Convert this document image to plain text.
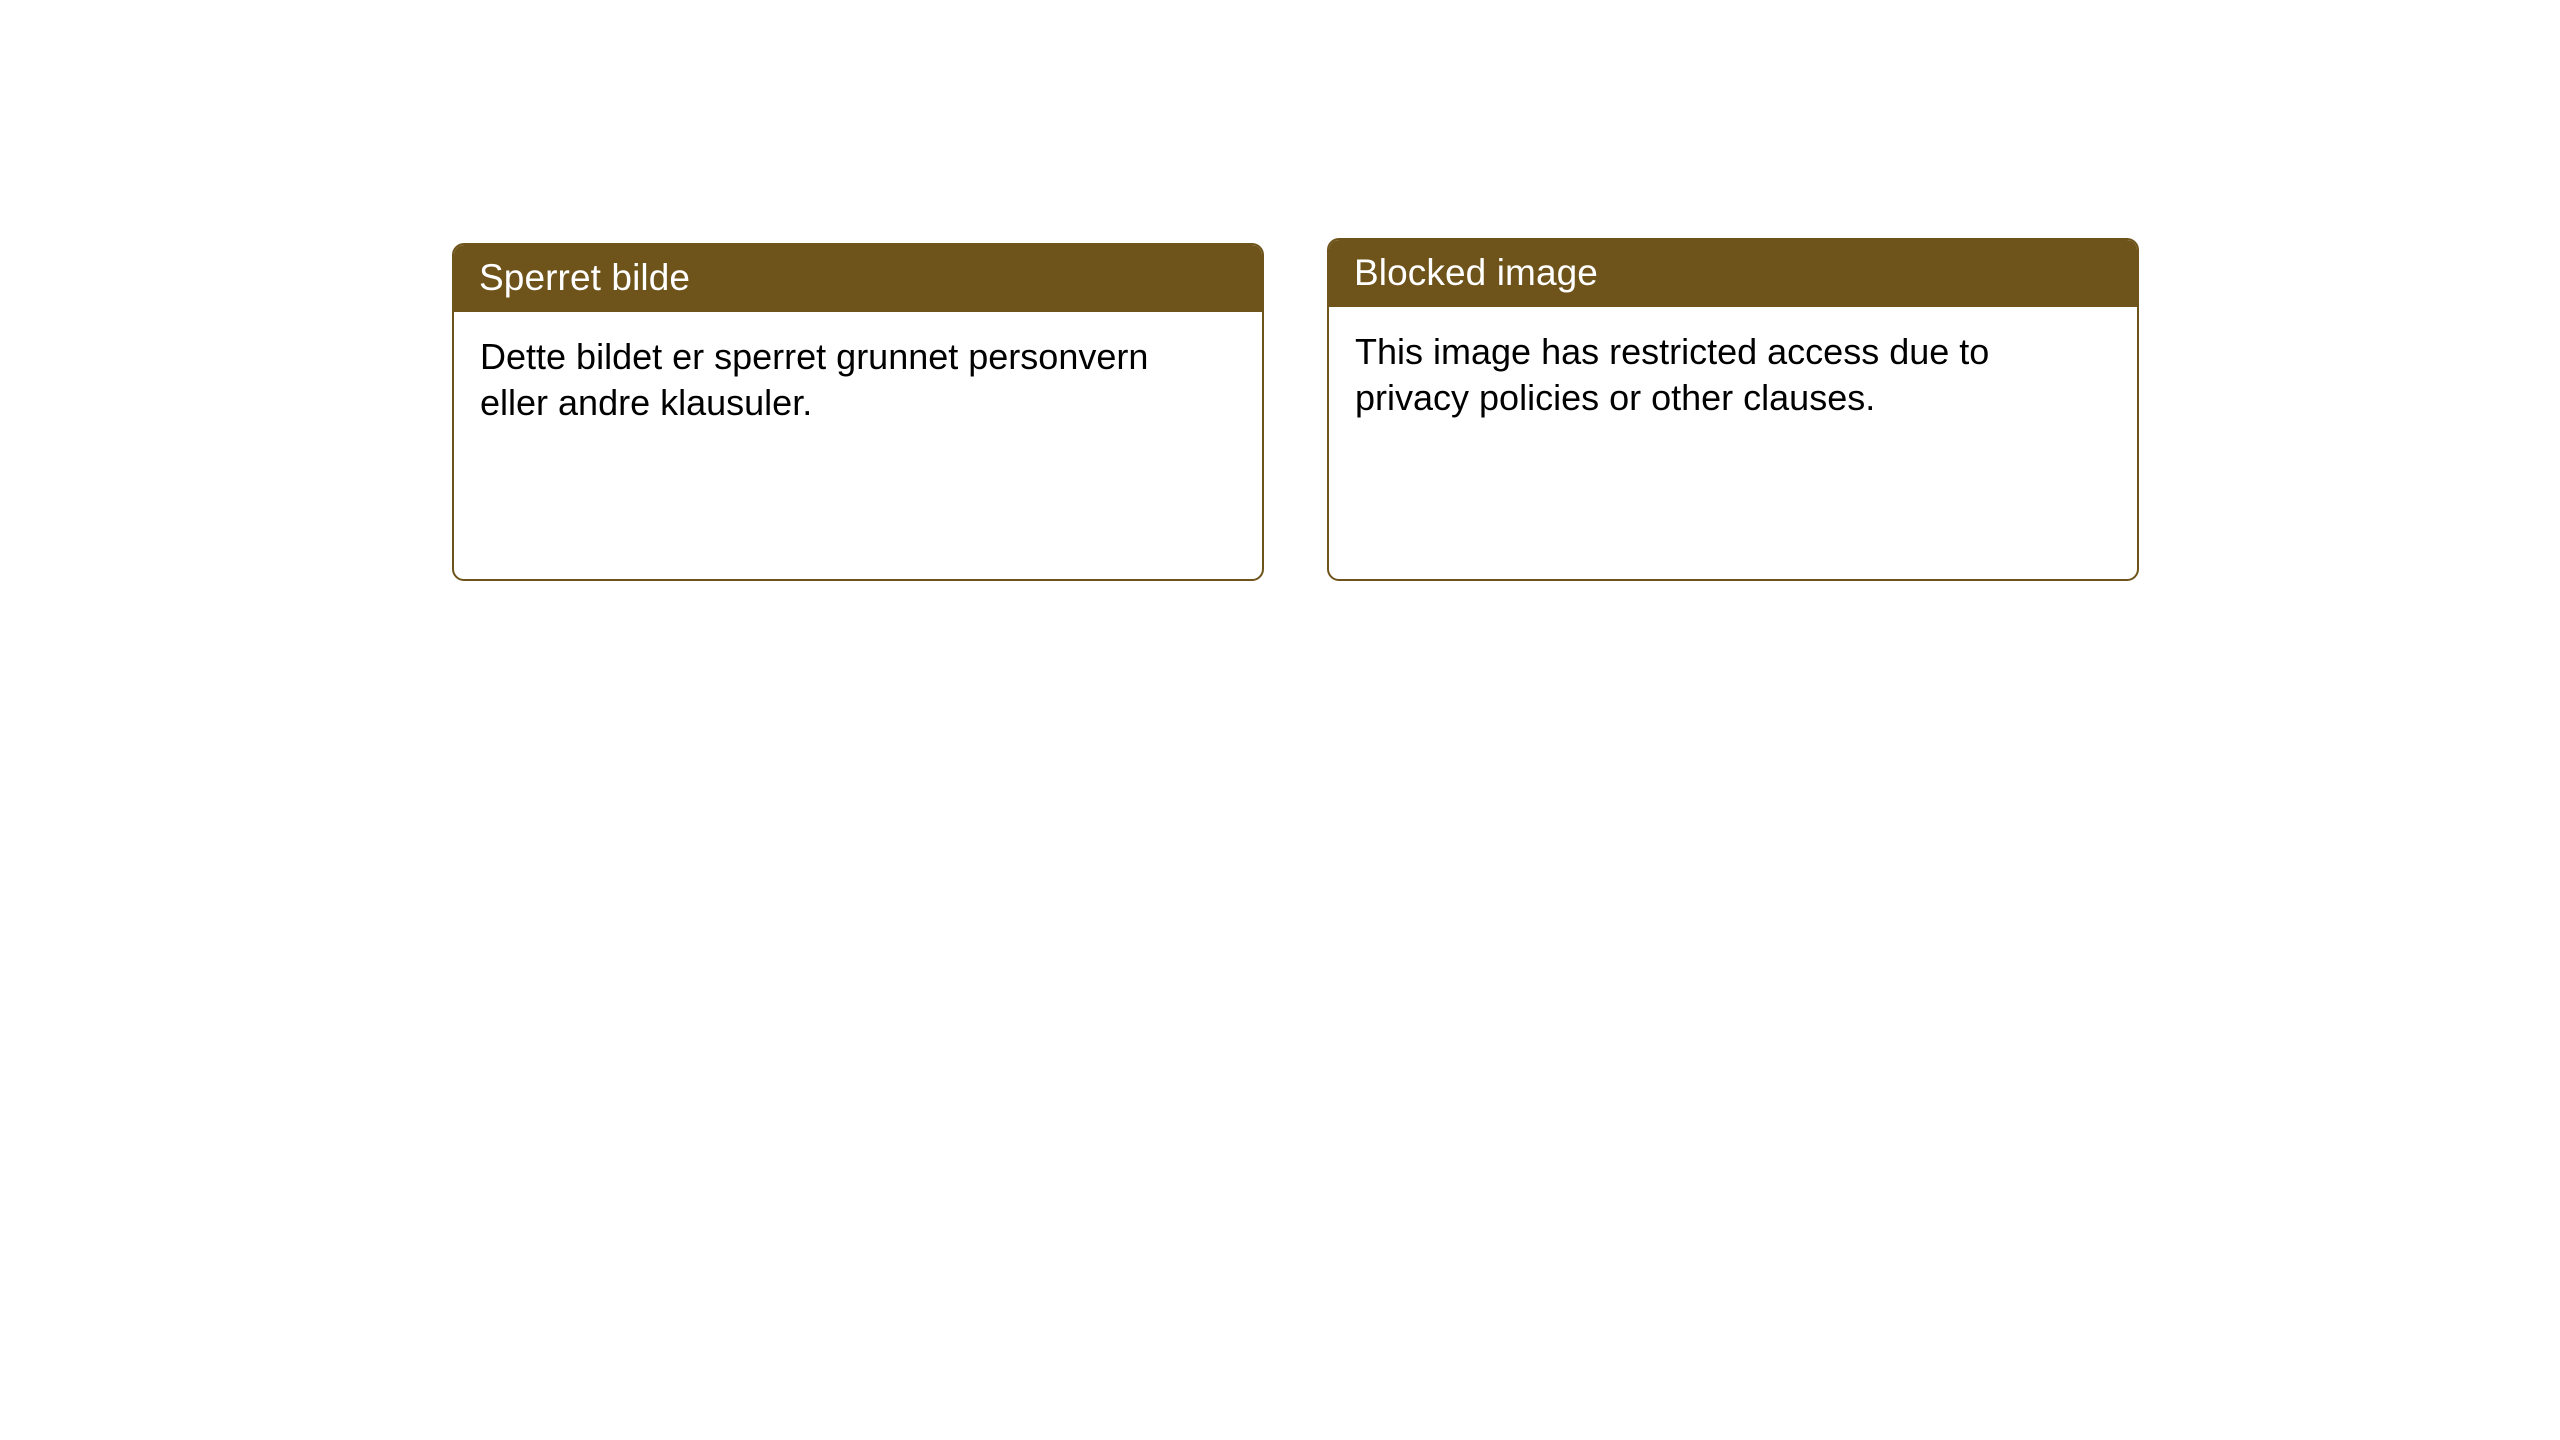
Sperret bilde

Dette bildet er sperret grunnet personvern eller andre klausuler.

Blocked image

This image has restricted access due to privacy policies or other clauses.
